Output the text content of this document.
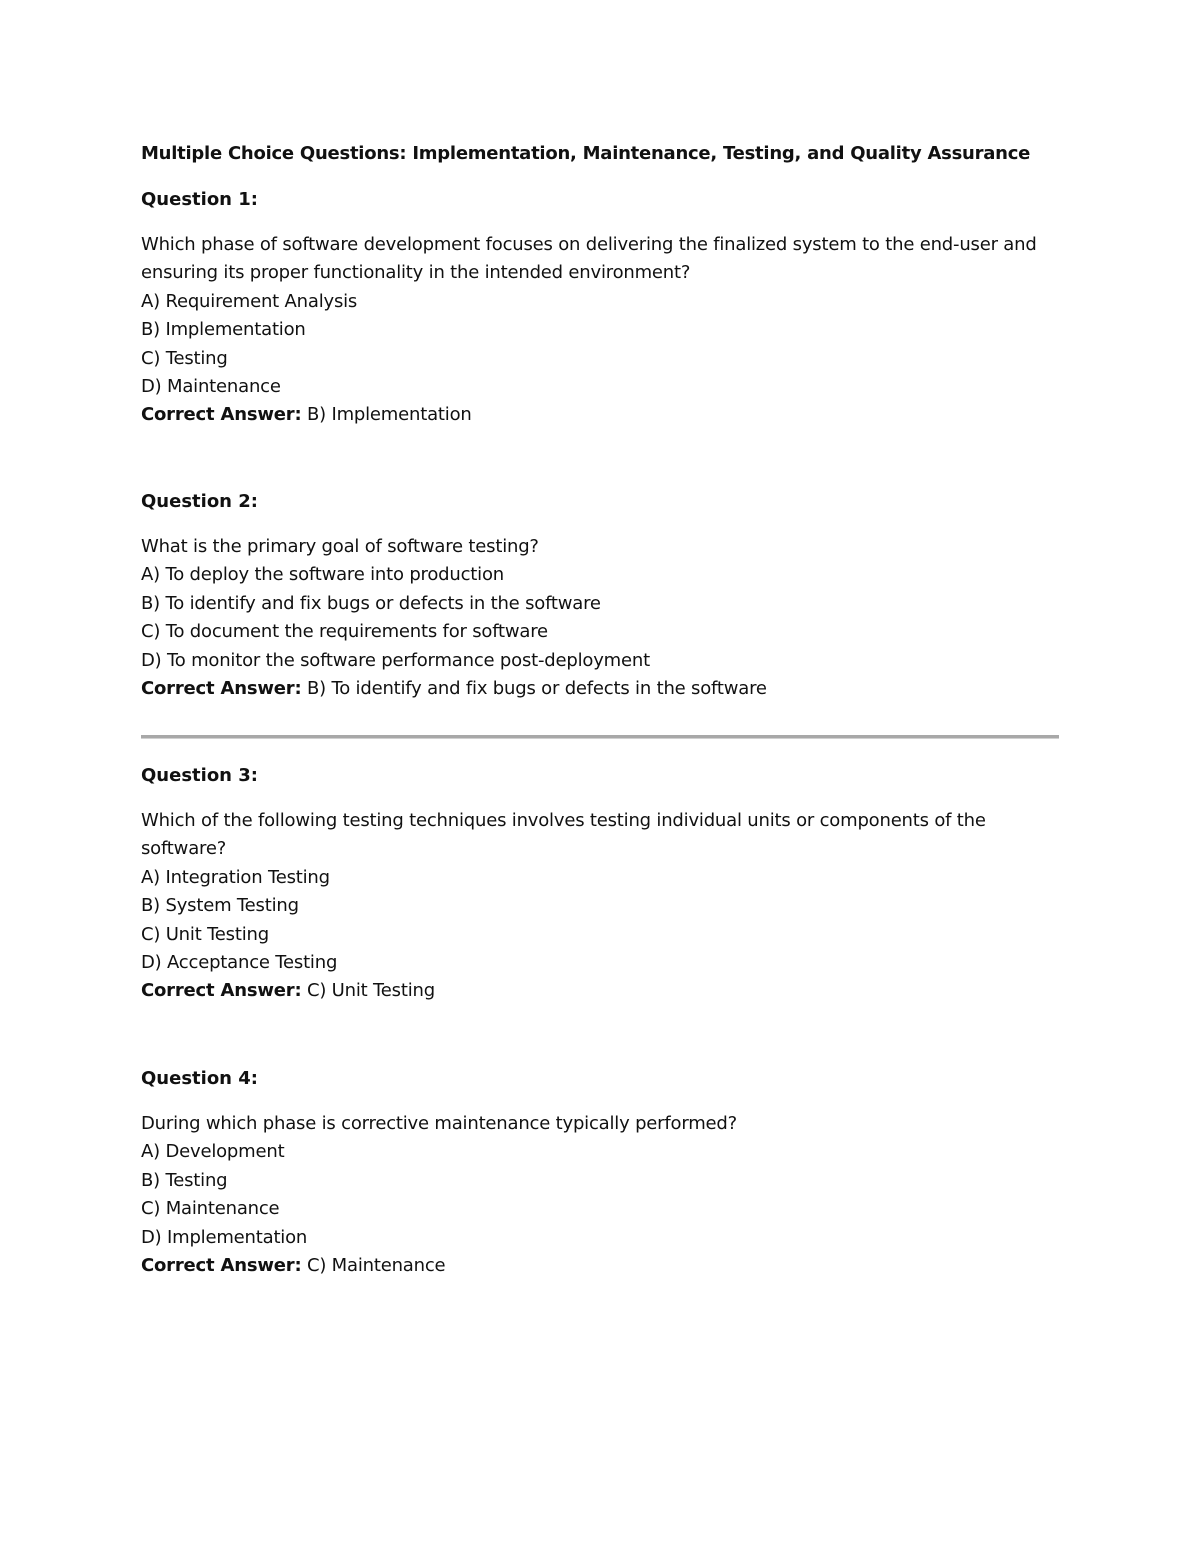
Multiple Choice Questions: Implementation, Maintenance, Testing, and Quality Assurance
Question 1:

Which phase of software development focuses on delivering the finalized system to the end-user and ensuring its proper functionality in the intended environment?

A) Requirement Analysis

B) Implementation

C) Testing

D) Maintenance

Correct Answer: B) Implementation

Question 2:

What is the primary goal of software testing?

A) To deploy the software into production

B) To identify and fix bugs or defects in the software

C) To document the requirements for software

D) To monitor the software performance post-deployment

Correct Answer: B) To identify and fix bugs or defects in the software

Question 3:

Which of the following testing techniques involves testing individual units or components of the software?

A) Integration Testing

B) System Testing

C) Unit Testing

D) Acceptance Testing

Correct Answer: C) Unit Testing

Question 4:

During which phase is corrective maintenance typically performed?

A) Development

B) Testing

C) Maintenance

D) Implementation

Correct Answer: C) Maintenance
